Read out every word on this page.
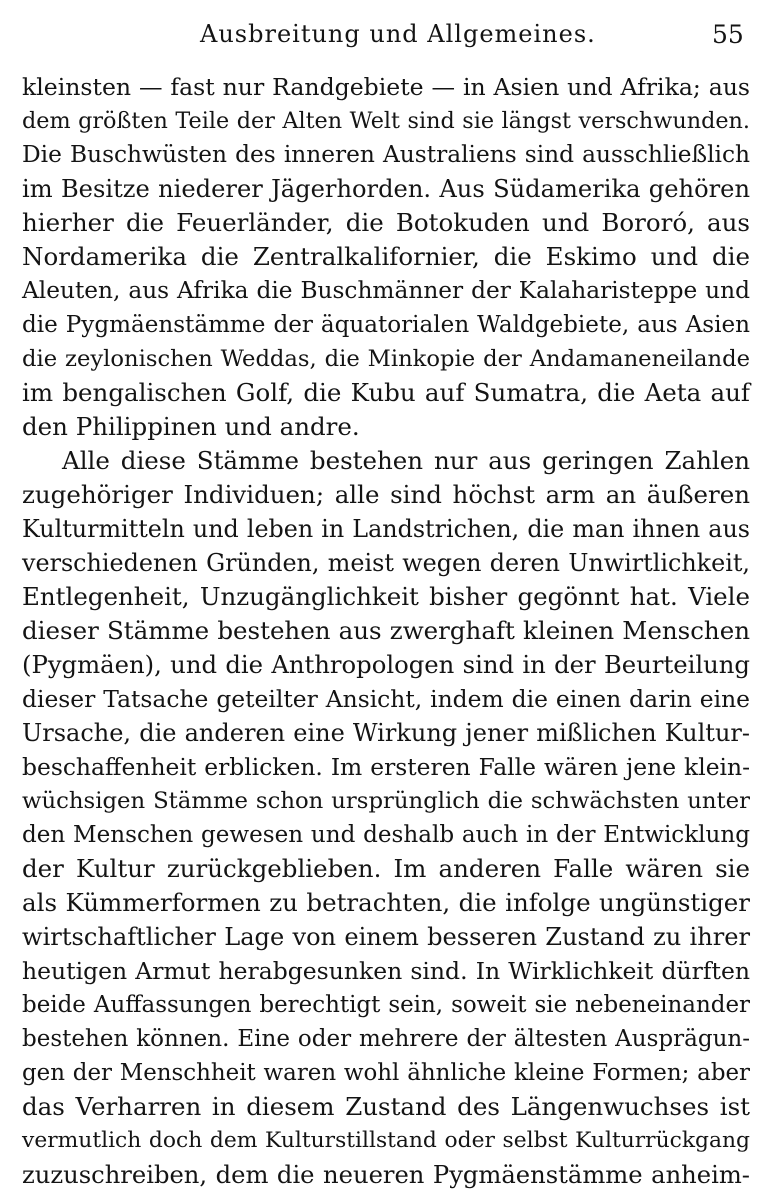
Ausbreitung und Allgemeines.	55
kleinsten — fast nur Randgebiete — in Asien und Afrika; aus
dem größten Teile der Alten Welt sind sie längst verschwunden.
Die Buschwüsten des inneren Australiens sind ausschließlich
im Besitze niederer Jägerhorden. Aus Südamerika gehören
hierher die Feuerländer, die Botokuden und Bororó, aus
Nordamerika die Zentralkalifornier, die Eskimo und die
Aleuten, aus Afrika die Buschmänner der Kalaharisteppe und
die Pygmäenstämme der äquatorialen Waldgebiete, aus Asien
die zeylonischen Weddas, die Minkopie der Andamaneneilande
im bengalischen Golf, die Kubu auf Sumatra, die Aeta auf
den Philippinen und andre.
Alle diese Stämme bestehen nur aus geringen Zahlen
zugehöriger Individuen; alle sind höchst arm an äußeren
Kulturmitteln und leben in Landstrichen, die man ihnen aus
verschiedenen Gründen, meist wegen deren Unwirtlichkeit,
Entlegenheit, Unzugänglichkeit bisher gegönnt hat. Viele
dieser Stämme bestehen aus zwerghaft kleinen Menschen
(Pygmäen), und die Anthropologen sind in der Beurteilung
dieser Tatsache geteilter Ansicht, indem die einen darin eine
Ursache, die anderen eine Wirkung jener mißlichen Kultur-
beschaffenheit erblicken. Im ersteren Falle wären jene klein-
wüchsigen Stämme schon ursprünglich die schwächsten unter
den Menschen gewesen und deshalb auch in der Entwicklung
der Kultur zurückgeblieben. Im anderen Falle wären sie
als Kümmerformen zu betrachten, die infolge ungünstiger
wirtschaftlicher Lage von einem besseren Zustand zu ihrer
heutigen Armut herabgesunken sind. In Wirklichkeit dürften
beide Auffassungen berechtigt sein, soweit sie nebeneinander
bestehen können. Eine oder mehrere der ältesten Ausprägun-
gen der Menschheit waren wohl ähnliche kleine Formen; aber
das Verharren in diesem Zustand des Längenwuchses ist
vermutlich doch dem Kulturstillstand oder selbst Kulturrückgang
zuzuschreiben, dem die neueren Pygmäenstämme anheim-
